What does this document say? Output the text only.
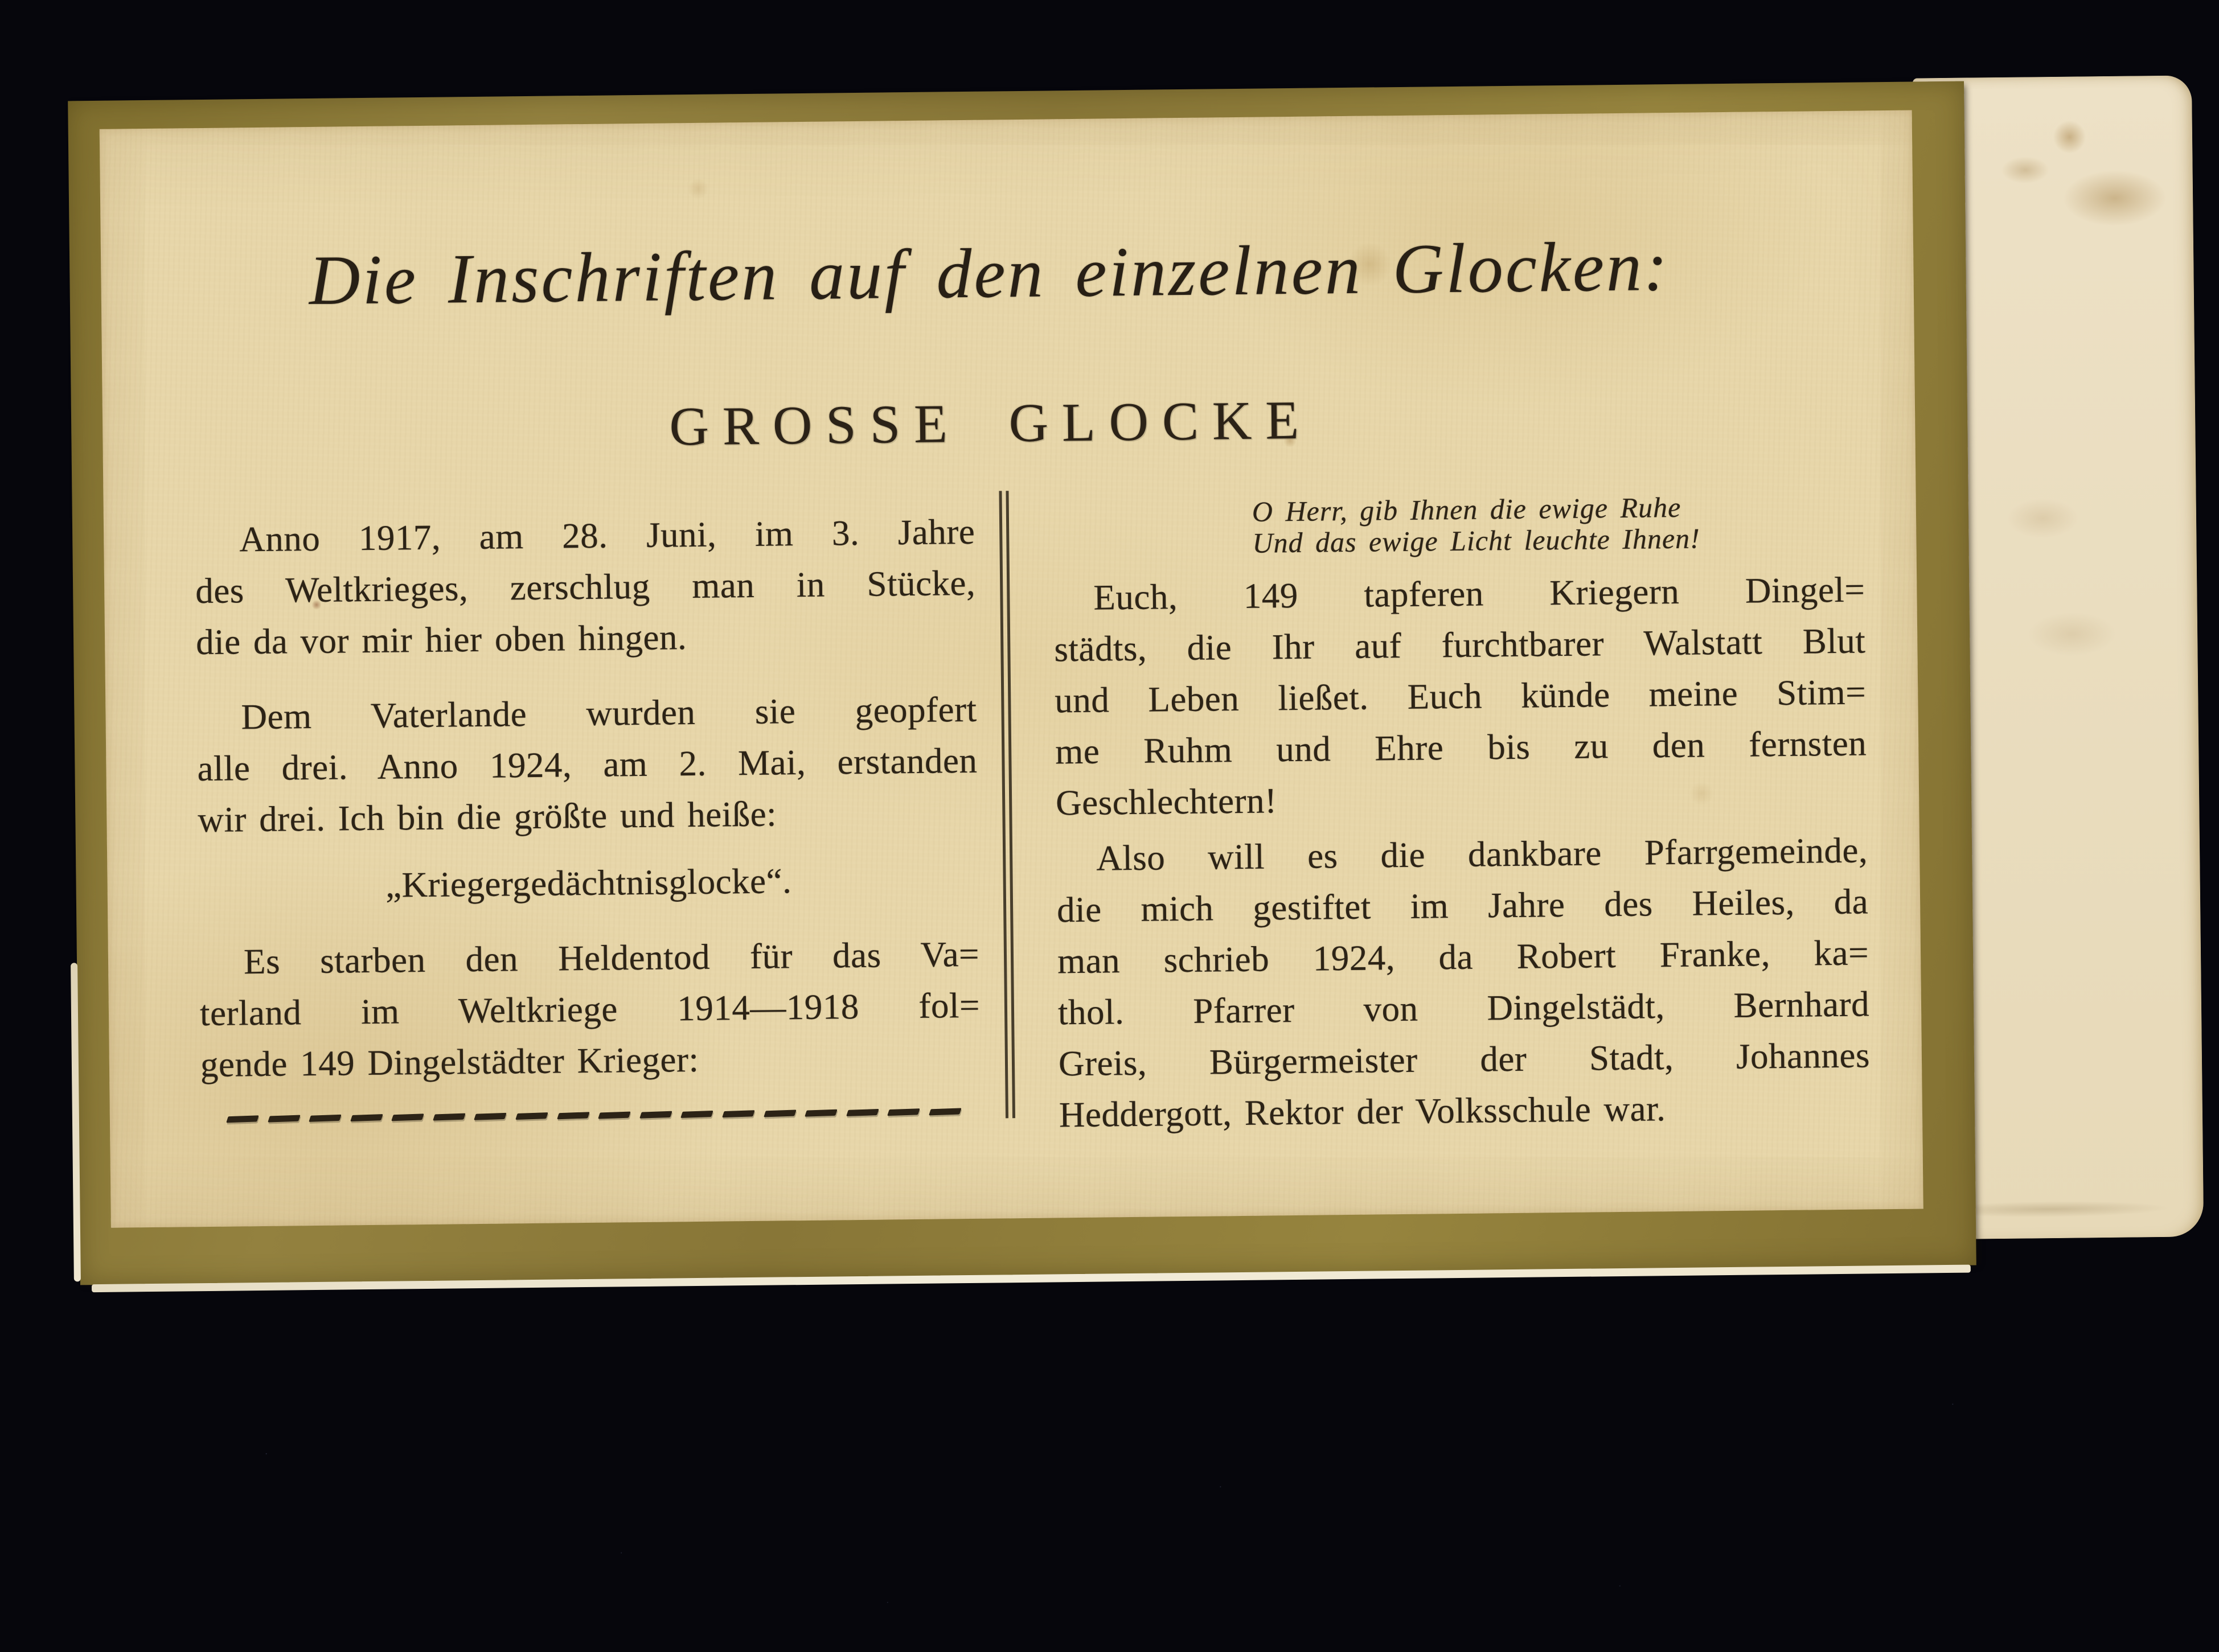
Die Inschriften auf den einzelnen Glocken:
GROSSE GLOCKE
Anno 1917, am 28. Juni, im 3. Jahre
des Weltkrieges, zerschlug man in Stücke,
die da vor mir hier oben hingen.
Dem Vaterlande wurden sie geopfert
alle drei. Anno 1924, am 2. Mai, erstanden
wir drei. Ich bin die größte und heiße:
„Kriegergedächtnisglocke“.
Es starben den Heldentod für das Va=
terland im Weltkriege 1914—1918 fol=
gende 149 Dingelstädter Krieger:
O Herr, gib Ihnen die ewige Ruhe
Und das ewige Licht leuchte Ihnen!
Euch, 149 tapferen Kriegern Dingel=
städts, die Ihr auf furchtbarer Walstatt Blut
und Leben ließet. Euch künde meine Stim=
me Ruhm und Ehre bis zu den fernsten
Geschlechtern!
Also will es die dankbare Pfarrgemeinde,
die mich gestiftet im Jahre des Heiles, da
man schrieb 1924, da Robert Franke, ka=
thol. Pfarrer von Dingelstädt, Bernhard
Greis, Bürgermeister der Stadt, Johannes
Heddergott, Rektor der Volksschule war.
